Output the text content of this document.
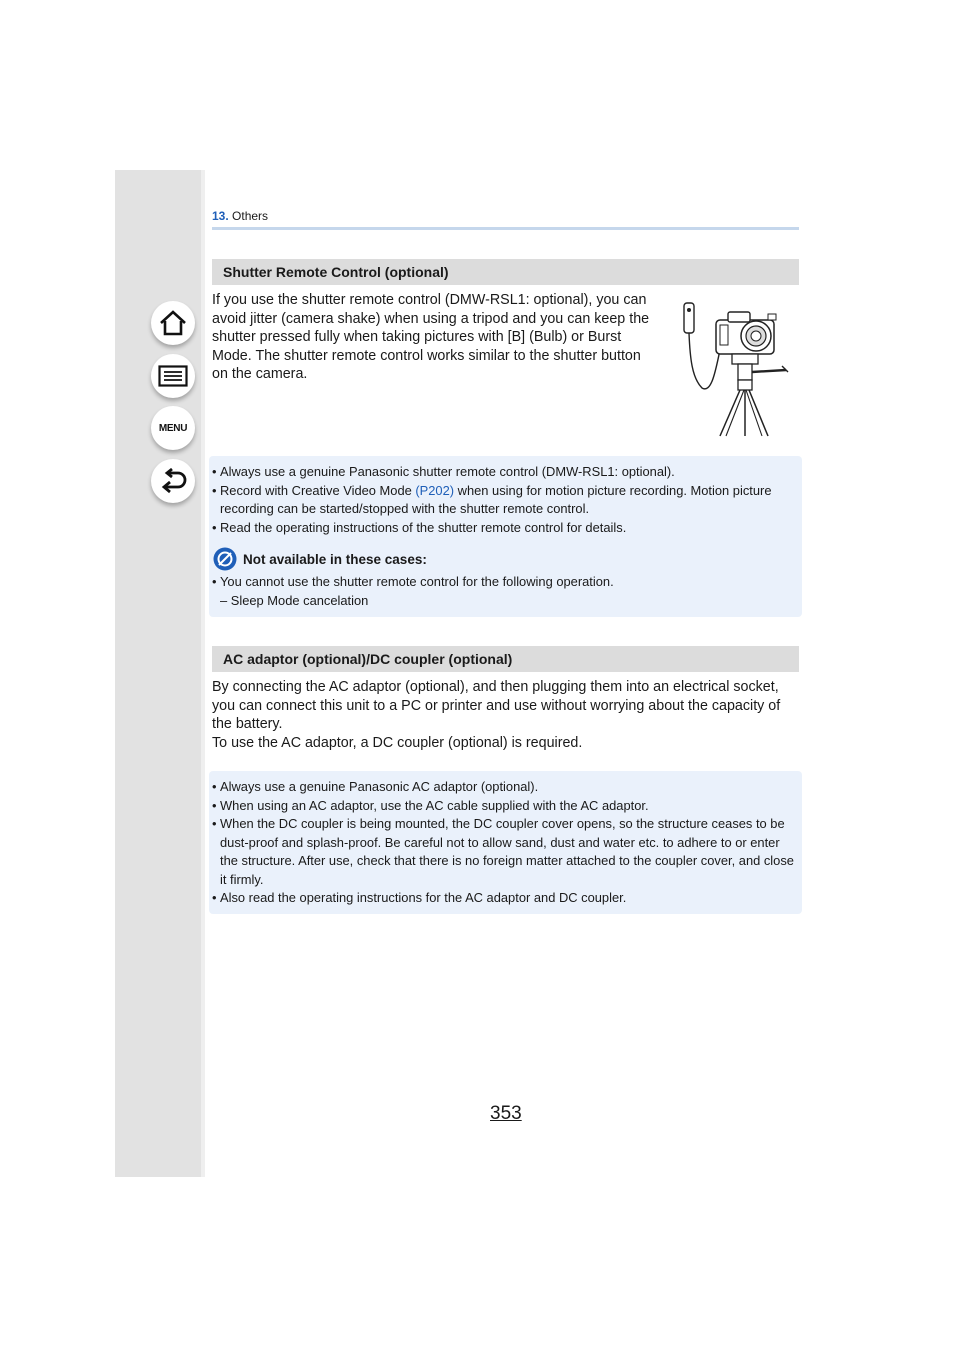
MENU
13. Others
Shutter Remote Control (optional)
If you use the shutter remote control (DMW-RSL1: optional), you can
avoid jitter (camera shake) when using a tripod and you can keep the
shutter pressed fully when taking pictures with [B] (Bulb) or Burst
Mode. The shutter remote control works similar to the shutter button
on the camera.
• Always use a genuine Panasonic shutter remote control (DMW-RSL1: optional).
• Record with Creative Video Mode (P202) when using for motion picture recording. Motion picture recording can be started/stopped with the shutter remote control.
• Read the operating instructions of the shutter remote control for details.
Not available in these cases:
• You cannot use the shutter remote control for the following operation.
– Sleep Mode cancelation
AC adaptor (optional)/DC coupler (optional)
By connecting the AC adaptor (optional), and then plugging them into an electrical socket,
you can connect this unit to a PC or printer and use without worrying about the capacity of
the battery.
To use the AC adaptor, a DC coupler (optional) is required.
• Always use a genuine Panasonic AC adaptor (optional).
• When using an AC adaptor, use the AC cable supplied with the AC adaptor.
• When the DC coupler is being mounted, the DC coupler cover opens, so the structure ceases to be dust-proof and splash-proof. Be careful not to allow sand, dust and water etc. to adhere to or enter the structure. After use, check that there is no foreign matter attached to the coupler cover, and close it firmly.
• Also read the operating instructions for the AC adaptor and DC coupler.
353
